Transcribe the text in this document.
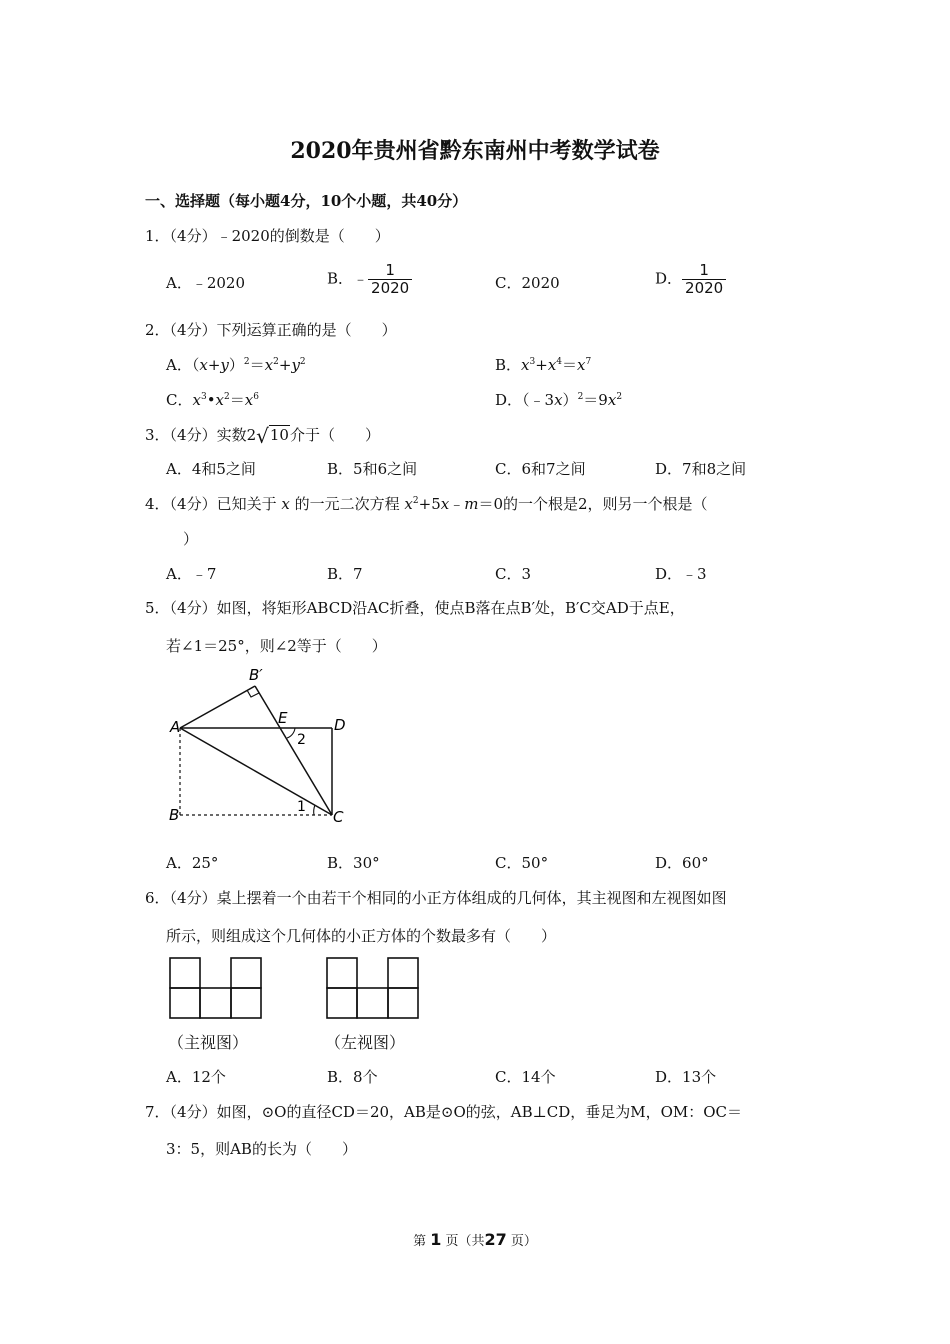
2020年贵州省黔东南州中考数学试卷
一、选择题（每小题4分，10个小题，共40分）
1．（4分）﹣2020的倒数是（　　）
A．﹣2020	B．﹣ $\frac{1}{2020}$	C．2020	D． $\frac{1}{2020}$
2．（4分）下列运算正确的是（　　）
A．$(x+y)^2=x^2+y^2$	B．$x^3+x^4=x^7$
C．$x^3•x^2=x^6$	D．$(﹣3x)^2=9x^2$
3．（4分）实数2√10介于（　　）
A．4和5之间	B．5和6之间	C．6和7之间	D．7和8之间
4．（4分）已知关于 x 的一元二次方程 $x^2+5x﹣m=0$的一个根是2，则另一个根是（
）
A．﹣7	B．7	C．3	D．﹣3
5．（4分）如图，将矩形ABCD沿AC折叠，使点B落在点B′处，B′C交AD于点E，
若∠1＝25°，则∠2等于（　　）
A
B	C
D
E
B′
2
1
A．25°	B．30°	C．50°	D．60°
6．（4分）桌上摆着一个由若干个相同的小正方体组成的几何体，其主视图和左视图如图
所示，则组成这个几何体的小正方体的个数最多有（　　）
（主视图）	（左视图）
A．12个	B．8个	C．14个	D．13个
7．（4分）如图，⊙O的直径CD＝20，AB是⊙O的弦，AB⊥CD，垂足为M，OM：OC＝
3：5，则AB的长为（　　）
第 1 页（共27 页）
